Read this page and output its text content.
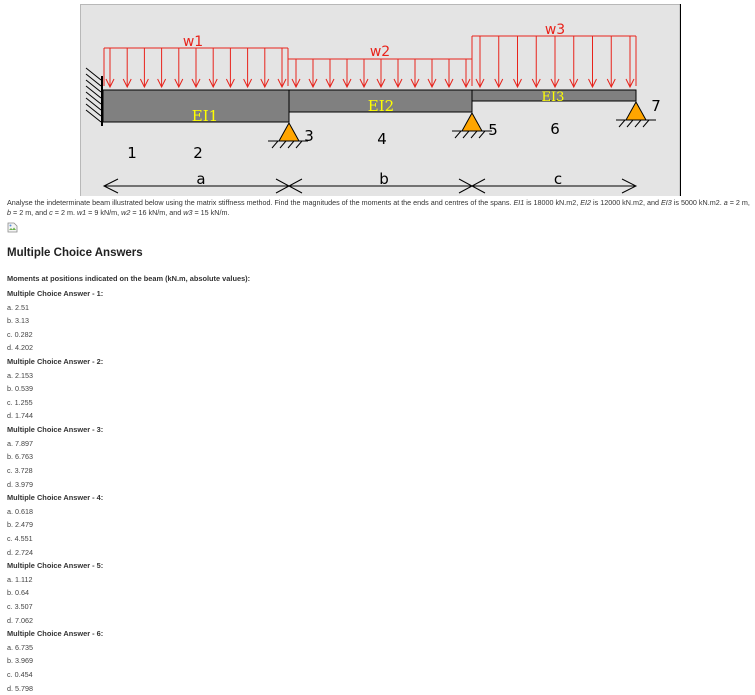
w1
w2
w3
EI1
EI2	EI3
1	2
3	4	5	6
7
a	b	c

Analyse the indeterminate beam illustrated below using the matrix stiffness method. Find the magnitudes of the moments at the ends and centres of the spans. EI1 is 18000 kN.m2, EI2 is 12000 kN.m2, and EI3 is 5000 kN.m2. a = 2 m, b = 2 m, and c = 2 m. w1 = 9 kN/m, w2 = 16 kN/m, and w3 = 15 kN/m.

Multiple Choice Answers
Moments at positions indicated on the beam (kN.m, absolute values):
Multiple Choice Answer - 1:
a. 2.51
b. 3.13
c. 0.282
d. 4.202
Multiple Choice Answer - 2:
a. 2.153
b. 0.539
c. 1.255
d. 1.744
Multiple Choice Answer - 3:
a. 7.897
b. 6.763
c. 3.728
d. 3.979
Multiple Choice Answer - 4:
a. 0.618
b. 2.479
c. 4.551
d. 2.724
Multiple Choice Answer - 5:
a. 1.112
b. 0.64
c. 3.507
d. 7.062
Multiple Choice Answer - 6:
a. 6.735
b. 3.969
c. 0.454
d. 5.798
